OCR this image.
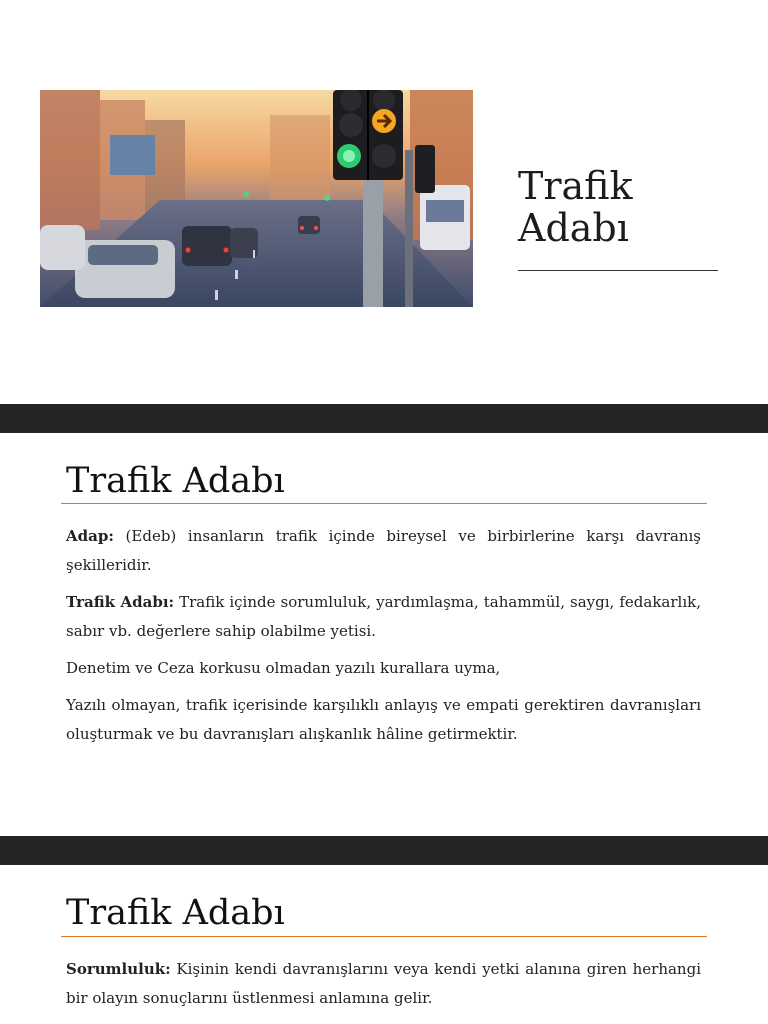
Trafik
Adabı
Trafik Adabı

Adap: (Edeb) insanların trafik içinde bireysel ve birbirlerine karşı davranış şekilleridir.

Trafik Adabı: Trafik içinde sorumluluk, yardımlaşma, tahammül, saygı, fedakarlık, sabır vb. değerlere sahip olabilme yetisi.

Denetim ve Ceza korkusu olmadan yazılı kurallara uyma,

Yazılı olmayan, trafik içerisinde karşılıklı anlayış ve empati gerektiren davranışları oluşturmak ve bu davranışları alışkanlık hâline getirmektir.

Trafik Adabı

Sorumluluk: Kişinin kendi davranışlarını veya kendi yetki alanına giren herhangi bir olayın sonuçlarını üstlenmesi anlamına gelir.
